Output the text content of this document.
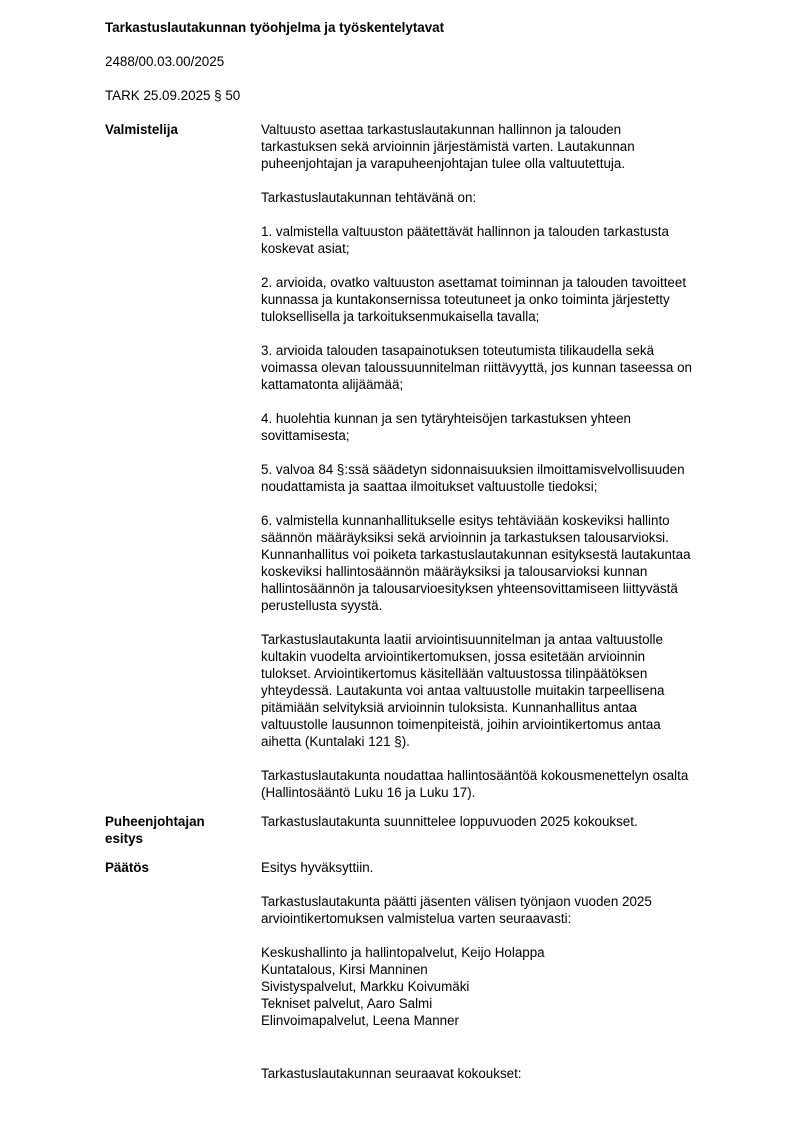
Tarkastuslautakunnan työohjelma ja työskentelytavat
2488/00.03.00/2025
TARK 25.09.2025 § 50
Valmistelija	Valtuusto asettaa tarkastuslautakunnan hallinnon ja talouden
tarkastuksen sekä arvioinnin järjestämistä varten. Lautakunnan
puheenjohtajan ja varapuheenjohtajan tulee olla valtuutettuja.
Tarkastuslautakunnan tehtävänä on:
1. valmistella valtuuston päätettävät hallinnon ja talouden tarkastusta
koskevat asiat;
2. arvioida, ovatko valtuuston asettamat toiminnan ja talouden tavoitteet
kunnassa ja kuntakonsernissa toteutuneet ja onko toiminta järjestetty
tuloksellisella ja tarkoituksenmukaisella tavalla;
3. arvioida talouden tasapainotuksen toteutumista tilikaudella sekä
voimassa olevan taloussuunnitelman riittävyyttä, jos kunnan taseessa on
kattamatonta alijäämää;
4. huolehtia kunnan ja sen tytäryhteisöjen tarkastuksen yhteen
sovittamisesta;
5. valvoa 84 §:ssä säädetyn sidonnaisuuksien ilmoittamisvelvollisuuden
noudattamista ja saattaa ilmoitukset valtuustolle tiedoksi;
6. valmistella kunnanhallitukselle esitys tehtäviään koskeviksi hallinto
säännön määräyksiksi sekä arvioinnin ja tarkastuksen talousarvioksi.
Kunnanhallitus voi poiketa tarkastuslautakunnan esityksestä lautakuntaa
koskeviksi hallintosäännön määräyksiksi ja talousarvioksi kunnan
hallintosäännön ja talousarvioesityksen yhteensovittamiseen liittyvästä
perustellusta syystä.
Tarkastuslautakunta laatii arviointisuunnitelman ja antaa valtuustolle
kultakin vuodelta arviointikertomuksen, jossa esitetään arvioinnin
tulokset. Arviointikertomus käsitellään valtuustossa tilinpäätöksen
yhteydessä. Lautakunta voi antaa valtuustolle muitakin tarpeellisena
pitämiään selvityksiä arvioinnin tuloksista. Kunnanhallitus antaa
valtuustolle lausunnon toimenpiteistä, joihin arviointikertomus antaa
aihetta (Kuntalaki 121 §).
Tarkastuslautakunta noudattaa hallintosääntöä kokousmenettelyn osalta
(Hallintosääntö Luku 16 ja Luku 17).
Puheenjohtajan
esitys
Tarkastuslautakunta suunnittelee loppuvuoden 2025 kokoukset.
Päätös	Esitys hyväksyttiin.
Tarkastuslautakunta päätti jäsenten välisen työnjaon vuoden 2025
arviointikertomuksen valmistelua varten seuraavasti:
Keskushallinto ja hallintopalvelut, Keijo Holappa
Kuntatalous, Kirsi Manninen
Sivistyspalvelut, Markku Koivumäki
Tekniset palvelut, Aaro Salmi
Elinvoimapalvelut, Leena Manner
Tarkastuslautakunnan seuraavat kokoukset:
